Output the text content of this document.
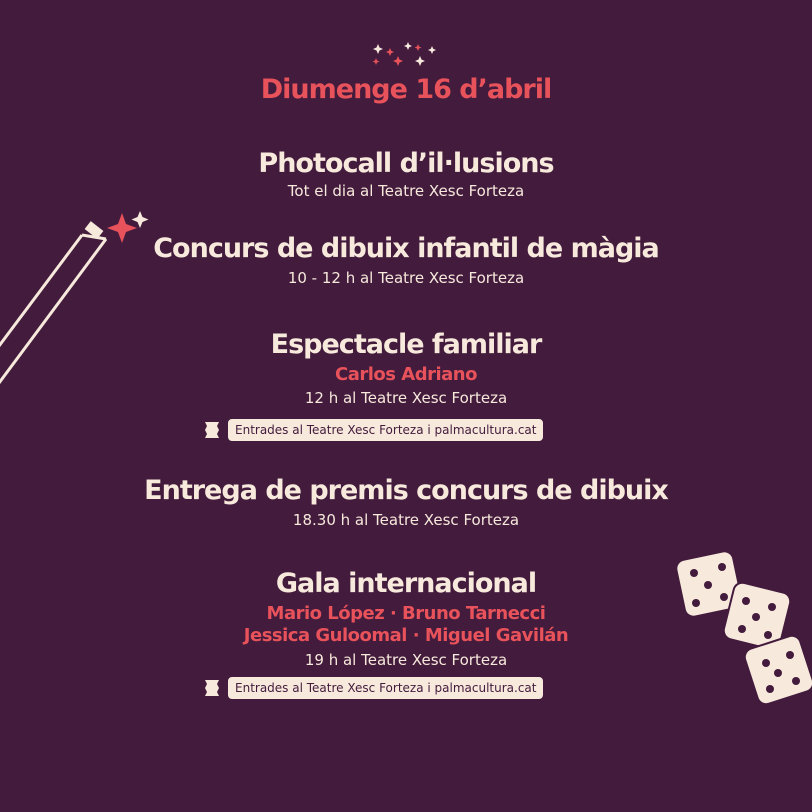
Diumenge 16 d’abril
Photocall d’il·lusions
Tot el dia al Teatre Xesc Forteza
Concurs de dibuix infantil de màgia
10 - 12 h al Teatre Xesc Forteza
Espectacle familiar
Carlos Adriano
12 h al Teatre Xesc Forteza
Entrades al Teatre Xesc Forteza i palmacultura.cat
Entrega de premis concurs de dibuix
18.30 h al Teatre Xesc Forteza
Gala internacional
Mario López · Bruno Tarnecci
Jessica Guloomal · Miguel Gavilán
19 h al Teatre Xesc Forteza
Entrades al Teatre Xesc Forteza i palmacultura.cat
